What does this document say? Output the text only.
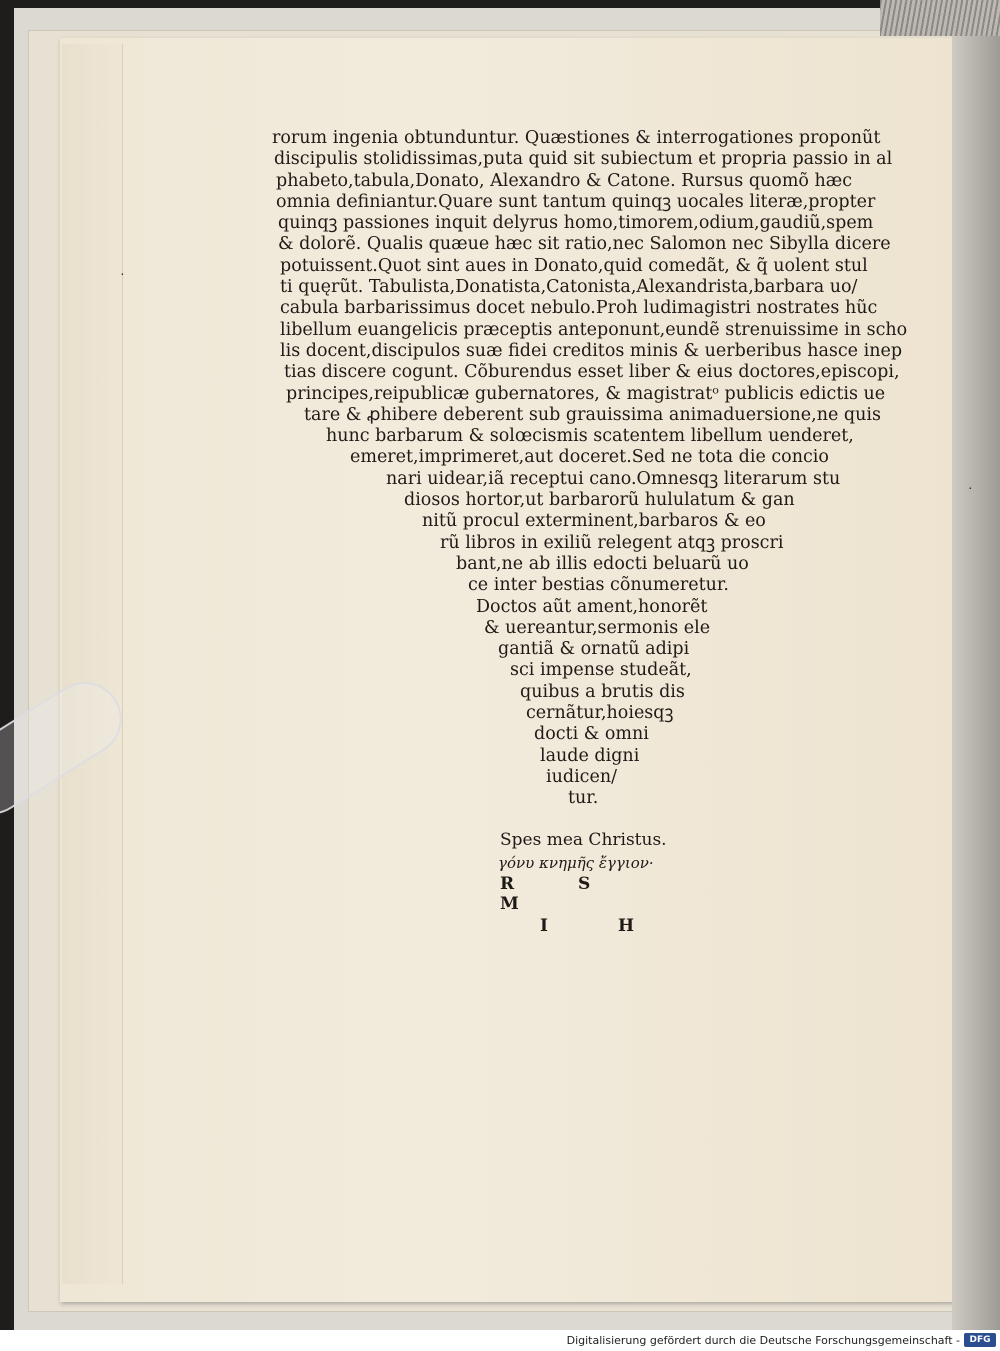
rorum ingenia obtunduntur. Quæstiones & interrogationes proponũt
discipulis stolidissimas,puta quid sit subiectum et propria passio in al
phabeto,tabula,Donato, Alexandro & Catone. Rursus quomõ hæc
omnia definiantur.Quare sunt tantum quinqꝫ uocales literæ,propter
quinqꝫ passiones inquit delyrus homo,timorem,odium,gaudiũ,spem
& dolorẽ. Qualis quæue hæc sit ratio,nec Salomon nec Sibylla dicere
potuissent.Quot sint aues in Donato,quid comedãt, & q̃ uolent stul
ti quęrũt. Tabulista,Donatista,Catonista,Alexandrista,barbara uo/
cabula barbarissimus docet nebulo.Proh ludimagistri nostrates hũc
libellum euangelicis præceptis anteponunt,eundẽ strenuissime in scho
lis docent,discipulos suæ fidei creditos minis & uerberibus hasce inep
tias discere cogunt. Cõburendus esset liber & eius doctores,episcopi,
principes,reipublicæ gubernatores, & magistratᵒ publicis edictis ue
tare & ꝓhibere deberent sub grauissima animaduersione,ne quis
hunc barbarum & solœcismis scatentem libellum uenderet,
emeret,imprimeret,aut doceret.Sed ne tota die concio
nari uidear,iã receptui cano.Omnesqꝫ literarum stu
diosos hortor,ut barbarorũ hululatum & gan
nitũ procul exterminent,barbaros & eo
rũ libros in exiliũ relegent atqꝫ proscri
bant,ne ab illis edocti beluarũ uo
ce inter bestias cõnumeretur.
Doctos aũt ament,honorẽt
& uereantur,sermonis ele
gantiã & ornatũ adipi
sci impense studeãt,
quibus a brutis dis
cernãtur,hoiesqꝫ
docti & omni
laude digni
iudicen/
tur.
Spes mea Christus.
γόνυ κνημῆς ἔγγιον·
R	SM
I	H
·
·
Digitalisierung gefördert durch die Deutsche Forschungsgemeinschaft -	DFG
